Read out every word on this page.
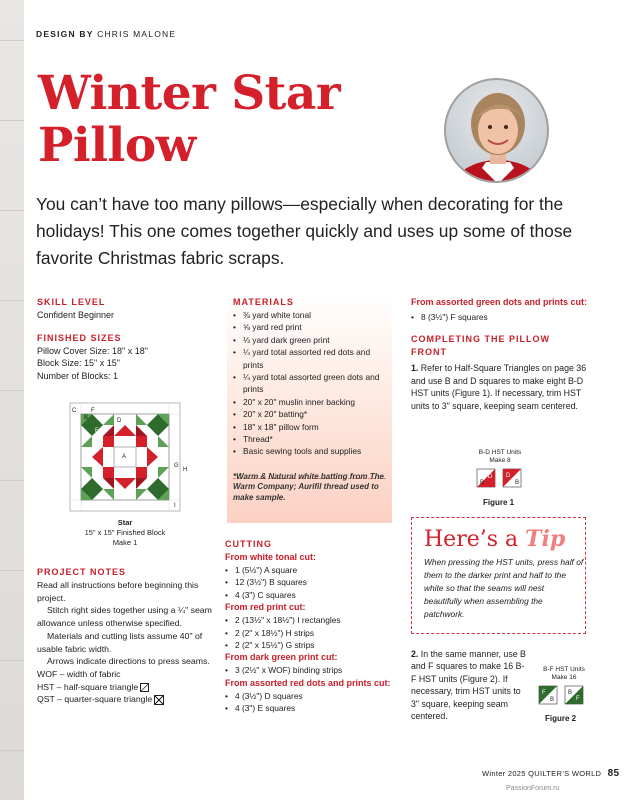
DESIGN BY CHRIS MALONE
Winter Star
Pillow
You can’t have too many pillows—especially when decorating for the holidays! This one comes together quickly and uses up some of those favorite Christmas fabric scraps.
SKILL LEVEL
Confident Beginner
FINISHED SIZES
Pillow Cover Size: 18" x 18"
Block Size: 15" x 15"
Number of Blocks: 1
C
B
F
D
E
A
G
H
I
Star
15" x 15" Finished Block
Make 1
PROJECT NOTES
Read all instructions before beginning this project.
Stitch right sides together using a ¼" seam allowance unless otherwise specified.
Materials and cutting lists assume 40" of usable fabric width.
Arrows indicate directions to press seams.
WOF – width of fabric
HST – half-square triangle
QST – quarter-square triangle
MATERIALS
• ⅜ yard white tonal
• ⅝ yard red print
• ⅓ yard dark green print
• ¼ yard total assorted red dots and prints
• ¼ yard total assorted green dots and prints
• 20" x 20" muslin inner backing
• 20" x 20" batting*
• 18" x 18" pillow form
• Thread*
• Basic sewing tools and supplies
*Warm & Natural white batting from The Warm Company; Aurifil thread used to make sample.
CUTTING
From white tonal cut:
• 1 (5½") A square
• 12 (3½") B squares
• 4 (3") C squares
From red print cut:
• 2 (13½" x 18½") I rectangles
• 2 (2" x 18½") H strips
• 2 (2" x 15½") G strips
From dark green print cut:
• 3 (2½" x WOF) binding strips
From assorted red dots and prints cut:
• 4 (3½") D squares
• 4 (3") E squares
From assorted green dots and prints cut:
• 8 (3½") F squares
COMPLETING THE PILLOW FRONT
1. Refer to Half-Square Triangles on page 36 and use B and D squares to make eight B-D HST units (Figure 1). If necessary, trim HST units to 3" square, keeping seam centered.
B-D HST Units
Make 8
D
B
D
B
Figure 1
Here’s a Tip
When pressing the HST units, press half of them to the darker print and half to the white so that the seams will nest beautifully when assembling the patchwork.
2. In the same manner, use B and F squares to make 16 B-F HST units (Figure 2). If necessary, trim HST units to 3" square, keeping seam centered.
B-F HST Units
Make 16
F
B	F
B
Figure 2
Winter 2025 QUILTER’S WORLD 85
PassionForum.ru
